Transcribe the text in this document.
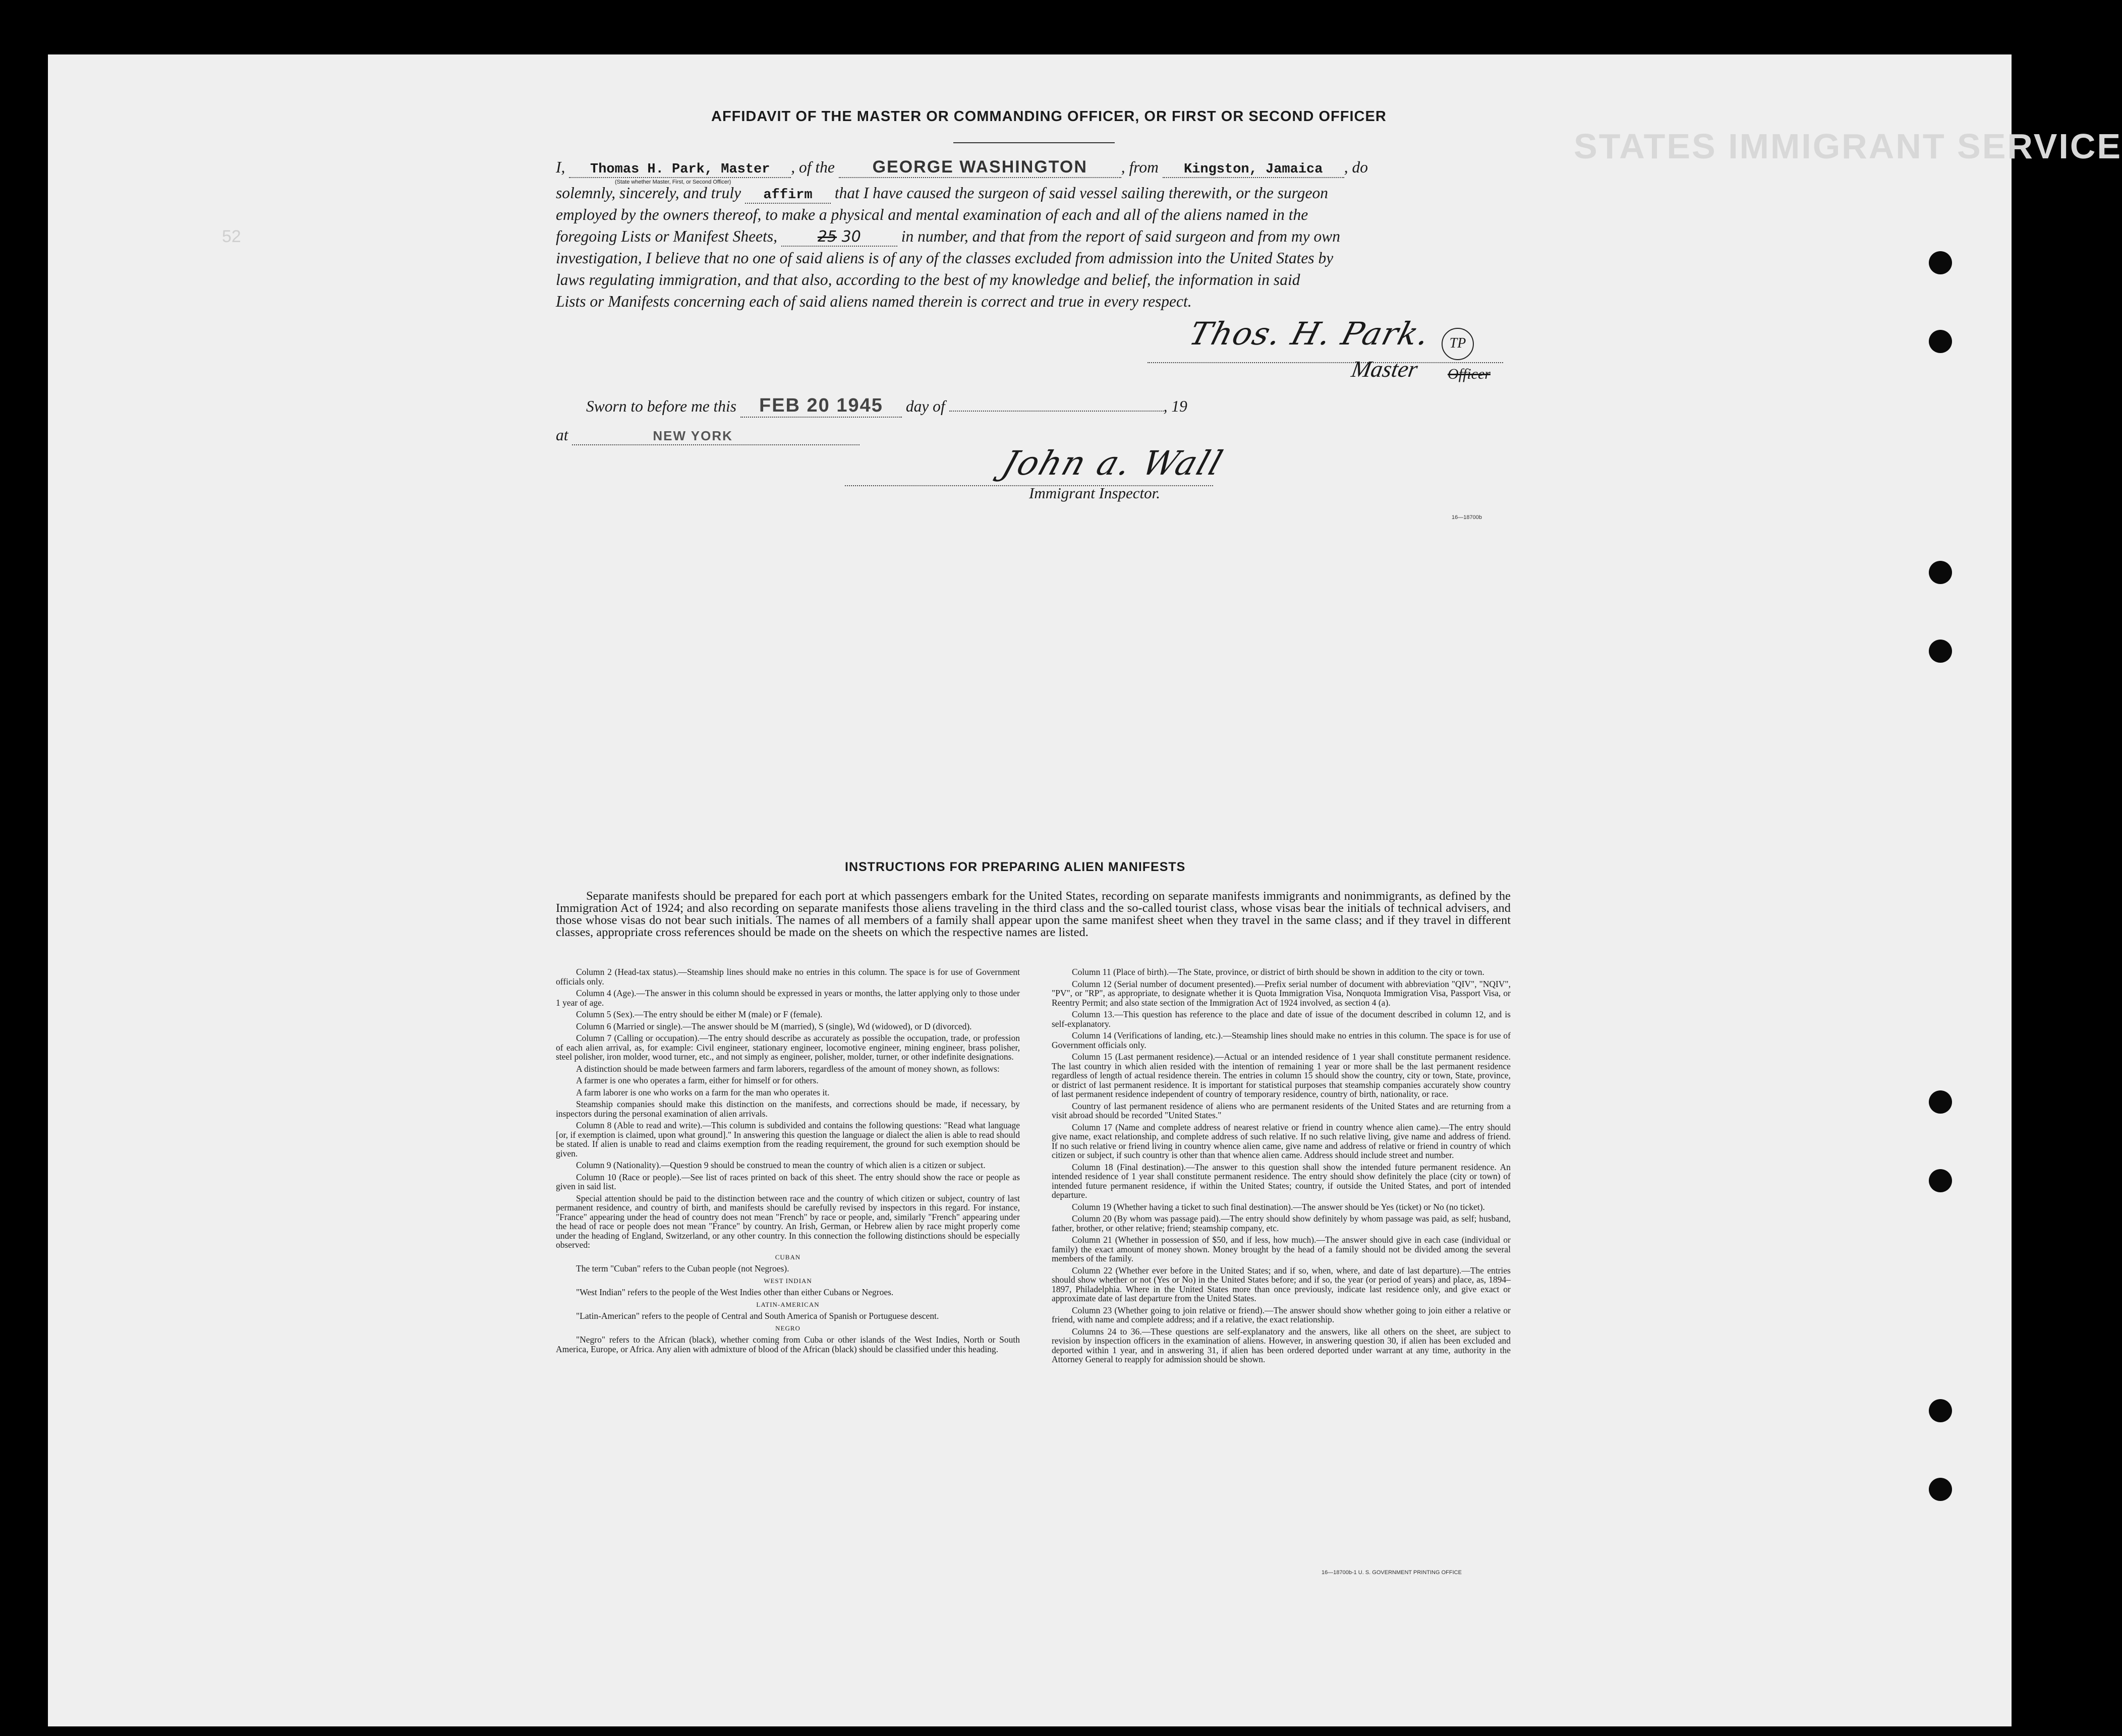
STATES IMMIGRANT SERVICE
52
AFFIDAVIT OF THE MASTER OR COMMANDING OFFICER, OR FIRST OR SECOND OFFICER
I, Thomas H. Park, Master , of the GEORGE WASHINGTON , from Kingston, Jamaica , do
(State whether Master, First, or Second Officer)
solemnly, sincerely, and truly affirm that I have caused the surgeon of said vessel sailing therewith, or the surgeon
employed by the owners thereof, to make a physical and mental examination of each and all of the aliens named in the
foregoing Lists or Manifest Sheets,	25 30	in number, and that from the report of said surgeon and from my own
investigation, I believe that no one of said aliens is of any of the classes excluded from admission into the United States by
laws regulating immigration, and that also, according to the best of my knowledge and belief, the information in said
Lists or Manifests concerning each of said aliens named therein is correct and true in every respect.
Thos. H. Park.	TP
Master Officer
Sworn to before me this FEB 20 1945 day of	, 19
at	NEW YORK
John a. Wall
Immigrant Inspector.
16—18700b
INSTRUCTIONS FOR PREPARING ALIEN MANIFESTS
Separate manifests should be prepared for each port at which passengers embark for the United States, recording on separate manifests immigrants and nonimmigrants, as defined by the Immigration Act of 1924; and also recording on separate manifests those aliens traveling in the third class and the so-called tourist class, whose visas bear the initials of technical advisers, and those whose visas do not bear such initials. The names of all members of a family shall appear upon the same manifest sheet when they travel in the same class; and if they travel in different classes, appropriate cross references should be made on the sheets on which the respective names are listed.

Column 2 (Head-tax status).—Steamship lines should make no entries in this column. The space is for use of Government officials only.

Column 4 (Age).—The answer in this column should be expressed in years or months, the latter applying only to those under 1 year of age.

Column 5 (Sex).—The entry should be either M (male) or F (female).

Column 6 (Married or single).—The answer should be M (married), S (single), Wd (widowed), or D (divorced).

Column 7 (Calling or occupation).—The entry should describe as accurately as possible the occupation, trade, or profession of each alien arrival, as, for example: Civil engineer, stationary engineer, locomotive engineer, mining engineer, brass polisher, steel polisher, iron molder, wood turner, etc., and not simply as engineer, polisher, molder, turner, or other indefinite designations.

A distinction should be made between farmers and farm laborers, regardless of the amount of money shown, as follows:

A farmer is one who operates a farm, either for himself or for others.

A farm laborer is one who works on a farm for the man who operates it.

Steamship companies should make this distinction on the manifests, and corrections should be made, if necessary, by inspectors during the personal examination of alien arrivals.

Column 8 (Able to read and write).—This column is subdivided and contains the following questions: "Read what language [or, if exemption is claimed, upon what ground]." In answering this question the language or dialect the alien is able to read should be stated. If alien is unable to read and claims exemption from the reading requirement, the ground for such exemption should be given.

Column 9 (Nationality).—Question 9 should be construed to mean the country of which alien is a citizen or subject.

Column 10 (Race or people).—See list of races printed on back of this sheet. The entry should show the race or people as given in said list.

Special attention should be paid to the distinction between race and the country of which citizen or subject, country of last permanent residence, and country of birth, and manifests should be carefully revised by inspectors in this regard. For instance, "France" appearing under the head of country does not mean "French" by race or people, and, similarly "French" appearing under the head of race or people does not mean "France" by country. An Irish, German, or Hebrew alien by race might properly come under the heading of England, Switzerland, or any other country. In this connection the following distinctions should be especially observed:

CUBAN

The term "Cuban" refers to the Cuban people (not Negroes).

WEST INDIAN

"West Indian" refers to the people of the West Indies other than either Cubans or Negroes.

LATIN-AMERICAN

"Latin-American" refers to the people of Central and South America of Spanish or Portuguese descent.

NEGRO

"Negro" refers to the African (black), whether coming from Cuba or other islands of the West Indies, North or South America, Europe, or Africa. Any alien with admixture of blood of the African (black) should be classified under this heading.

Column 11 (Place of birth).—The State, province, or district of birth should be shown in addition to the city or town.

Column 12 (Serial number of document presented).—Prefix serial number of document with abbreviation "QIV", "NQIV", "PV", or "RP", as appropriate, to designate whether it is Quota Immigration Visa, Nonquota Immigration Visa, Passport Visa, or Reentry Permit; and also state section of the Immigration Act of 1924 involved, as section 4 (a).

Column 13.—This question has reference to the place and date of issue of the document described in column 12, and is self-explanatory.

Column 14 (Verifications of landing, etc.).—Steamship lines should make no entries in this column. The space is for use of Government officials only.

Column 15 (Last permanent residence).—Actual or an intended residence of 1 year shall constitute permanent residence. The last country in which alien resided with the intention of remaining 1 year or more shall be the last permanent residence regardless of length of actual residence therein. The entries in column 15 should show the country, city or town, State, province, or district of last permanent residence. It is important for statistical purposes that steamship companies accurately show country of last permanent residence independent of country of temporary residence, country of birth, nationality, or race.

Country of last permanent residence of aliens who are permanent residents of the United States and are returning from a visit abroad should be recorded "United States."

Column 17 (Name and complete address of nearest relative or friend in country whence alien came).—The entry should give name, exact relationship, and complete address of such relative. If no such relative living, give name and address of friend. If no such relative or friend living in country whence alien came, give name and address of relative or friend in country of which citizen or subject, if such country is other than that whence alien came. Address should include street and number.

Column 18 (Final destination).—The answer to this question shall show the intended future permanent residence. An intended residence of 1 year shall constitute permanent residence. The entry should show definitely the place (city or town) of intended future permanent residence, if within the United States; country, if outside the United States, and port of intended departure.

Column 19 (Whether having a ticket to such final destination).—The answer should be Yes (ticket) or No (no ticket).

Column 20 (By whom was passage paid).—The entry should show definitely by whom passage was paid, as self; husband, father, brother, or other relative; friend; steamship company, etc.

Column 21 (Whether in possession of $50, and if less, how much).—The answer should give in each case (individual or family) the exact amount of money shown. Money brought by the head of a family should not be divided among the several members of the family.

Column 22 (Whether ever before in the United States; and if so, when, where, and date of last departure).—The entries should show whether or not (Yes or No) in the United States before; and if so, the year (or period of years) and place, as, 1894–1897, Philadelphia. Where in the United States more than once previously, indicate last residence only, and give exact or approximate date of last departure from the United States.

Column 23 (Whether going to join relative or friend).—The answer should show whether going to join either a relative or friend, with name and complete address; and if a relative, the exact relationship.

Columns 24 to 36.—These questions are self-explanatory and the answers, like all others on the sheet, are subject to revision by inspection officers in the examination of aliens. However, in answering question 30, if alien has been excluded and deported within 1 year, and in answering 31, if alien has been ordered deported under warrant at any time, authority in the Attorney General to reapply for admission should be shown.

16—18700b-1 U. S. GOVERNMENT PRINTING OFFICE
